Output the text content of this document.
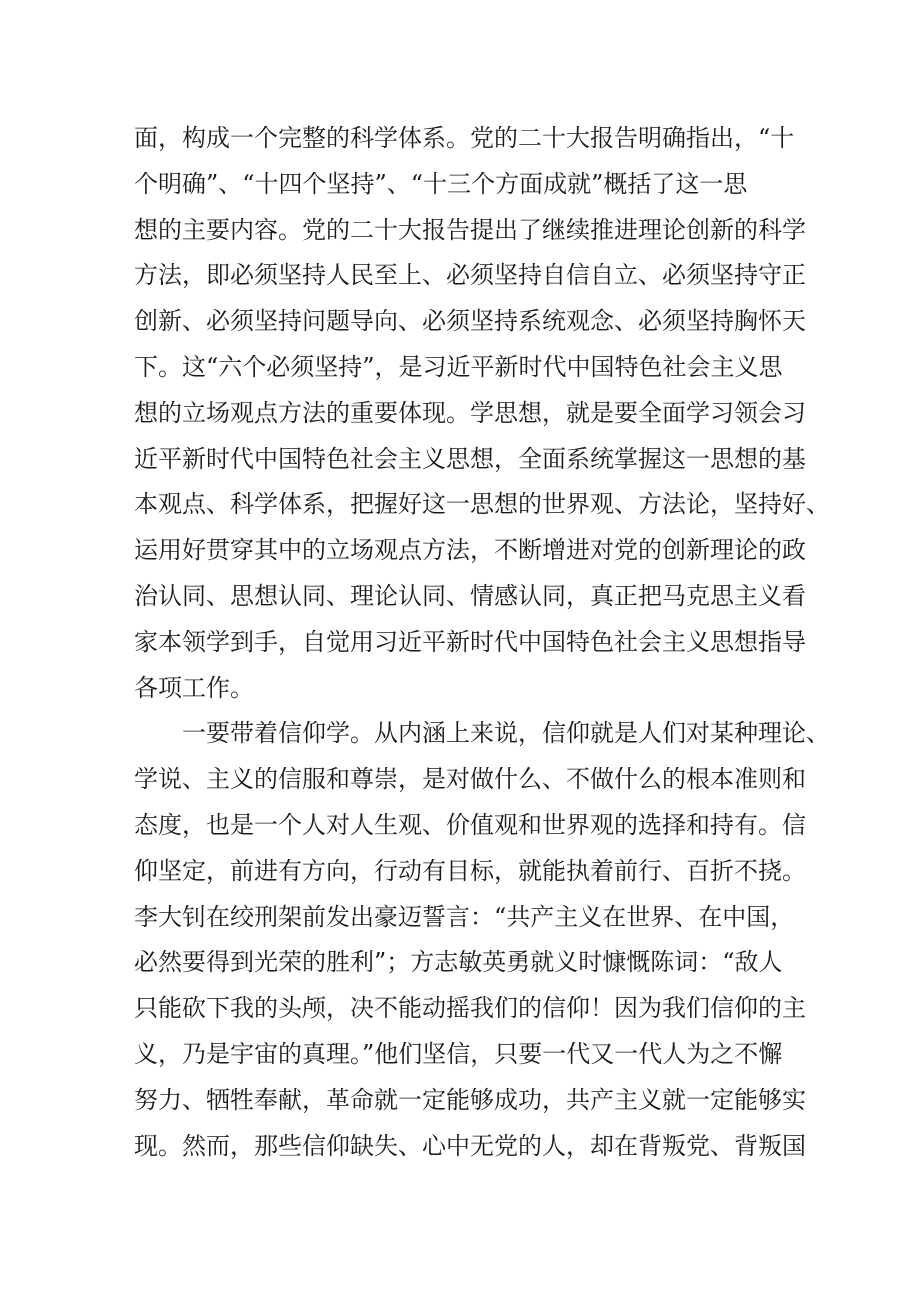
面，构成一个完整的科学体系。党的二十大报告明确指出，“十
个明确”、“十四个坚持”、“十三个方面成就”概括了这一思
想的主要内容。党的二十大报告提出了继续推进理论创新的科学
方法，即必须坚持人民至上、必须坚持自信自立、必须坚持守正
创新、必须坚持问题导向、必须坚持系统观念、必须坚持胸怀天
下。这“六个必须坚持”，是习近平新时代中国特色社会主义思
想的立场观点方法的重要体现。学思想，就是要全面学习领会习
近平新时代中国特色社会主义思想，全面系统掌握这一思想的基
本观点、科学体系，把握好这一思想的世界观、方法论，坚持好、
运用好贯穿其中的立场观点方法，不断增进对党的创新理论的政
治认同、思想认同、理论认同、情感认同，真正把马克思主义看
家本领学到手，自觉用习近平新时代中国特色社会主义思想指导
各项工作。
一要带着信仰学。从内涵上来说，信仰就是人们对某种理论、
学说、主义的信服和尊崇，是对做什么、不做什么的根本准则和
态度，也是一个人对人生观、价值观和世界观的选择和持有。信
仰坚定，前进有方向，行动有目标，就能执着前行、百折不挠。
李大钊在绞刑架前发出豪迈誓言：“共产主义在世界、在中国，
必然要得到光荣的胜利”；方志敏英勇就义时慷慨陈词：“敌人
只能砍下我的头颅，决不能动摇我们的信仰！因为我们信仰的主
义，乃是宇宙的真理。”他们坚信，只要一代又一代人为之不懈
努力、牺牲奉献，革命就一定能够成功，共产主义就一定能够实
现。然而，那些信仰缺失、心中无党的人，却在背叛党、背叛国
